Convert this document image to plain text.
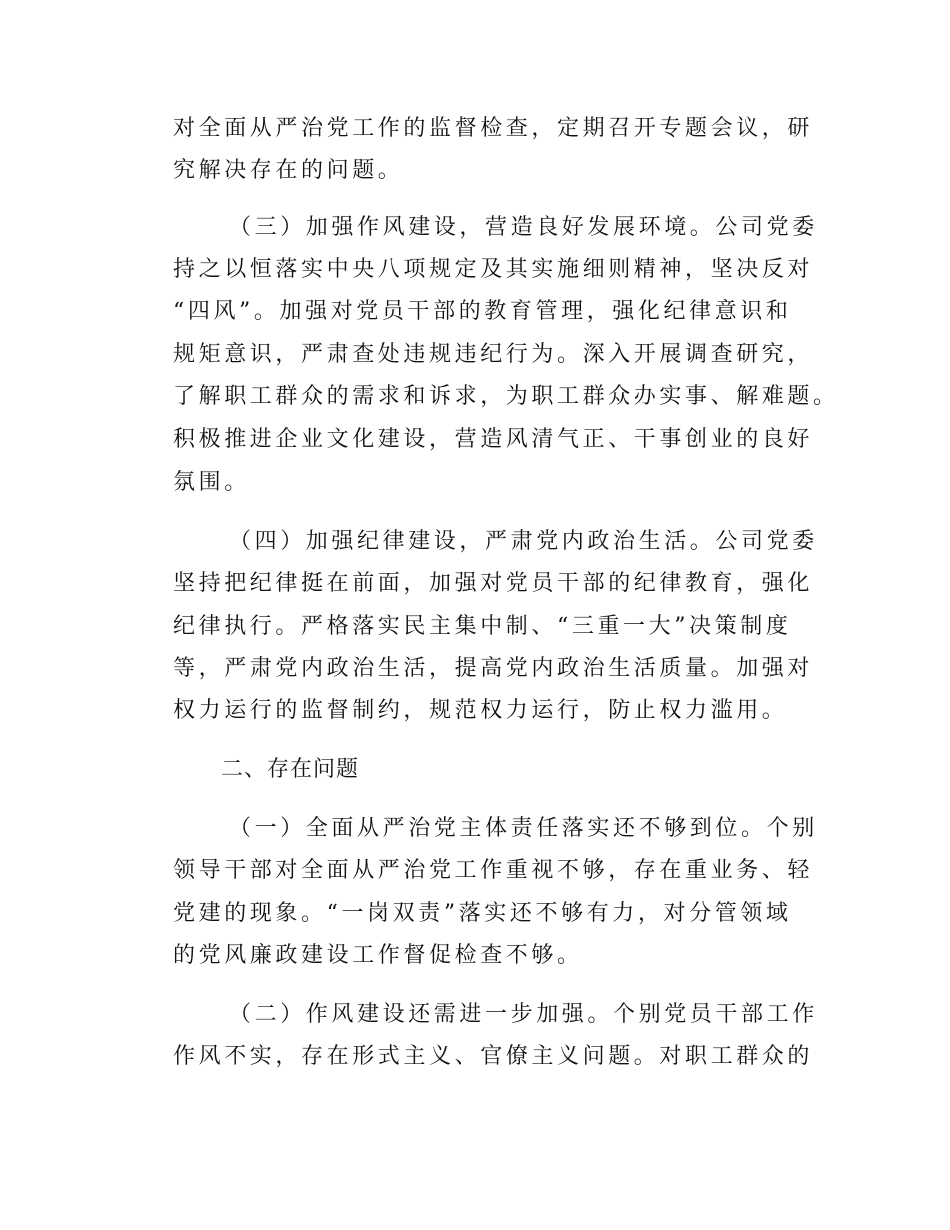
对全面从严治党工作的监督检查，定期召开专题会议，研
究解决存在的问题。
（三）加强作风建设，营造良好发展环境。公司党委
持之以恒落实中央八项规定及其实施细则精神，坚决反对
“四风”。加强对党员干部的教育管理，强化纪律意识和
规矩意识，严肃查处违规违纪行为。深入开展调查研究，
了解职工群众的需求和诉求，为职工群众办实事、解难题。
积极推进企业文化建设，营造风清气正、干事创业的良好
氛围。
（四）加强纪律建设，严肃党内政治生活。公司党委
坚持把纪律挺在前面，加强对党员干部的纪律教育，强化
纪律执行。严格落实民主集中制、“三重一大”决策制度
等，严肃党内政治生活，提高党内政治生活质量。加强对
权力运行的监督制约，规范权力运行，防止权力滥用。
二、存在问题
（一）全面从严治党主体责任落实还不够到位。个别
领导干部对全面从严治党工作重视不够，存在重业务、轻
党建的现象。“一岗双责”落实还不够有力，对分管领域
的党风廉政建设工作督促检查不够。
（二）作风建设还需进一步加强。个别党员干部工作
作风不实，存在形式主义、官僚主义问题。对职工群众的
